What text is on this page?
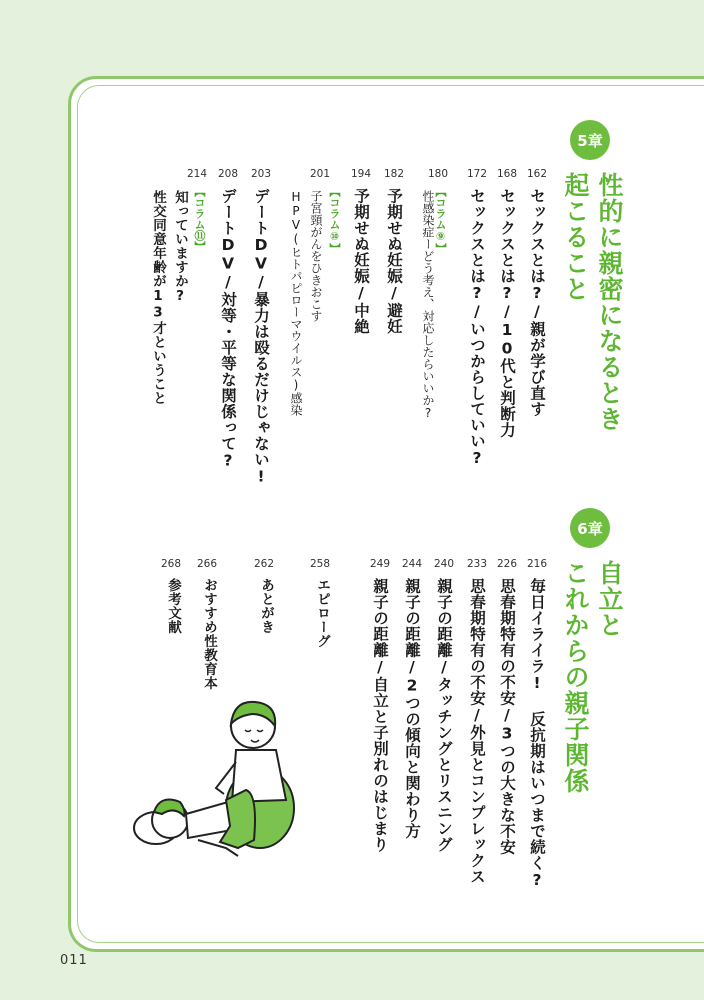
5章
性的に親密になるとき
起こること
162
168
172
180
182
194
201
203
208
214
セックスとは?/親が学び直す
セックスとは?/10代と判断力
セックスとは?/いつからしていい?
【コラム⑨】
性感染症ーどう考え、対応したらいいか?
予期せぬ妊娠/避妊
予期せぬ妊娠/中絶
【コラム⑩】
子宮頸がんをひきおこす
HPV(ヒトパピローマウイルス)感染
デートDV/暴力は殴るだけじゃない!
デートDV/対等・平等な関係って?
【コラム⑪】
知っていますか?
性交同意年齢が13才ということ
6章
自立と
これからの親子関係
216
226
233
240
244
249
258
262
266
268
毎日イライラ! 反抗期はいつまで続く?
思春期特有の不安/3つの大きな不安
思春期特有の不安/外見とコンプレックス
親子の距離/タッチングとリスニング
親子の距離/2つの傾向と関わり方
親子の距離/自立と子別れのはじまり
エピローグ
あとがき
おすすめ性教育本
参考文献
011
